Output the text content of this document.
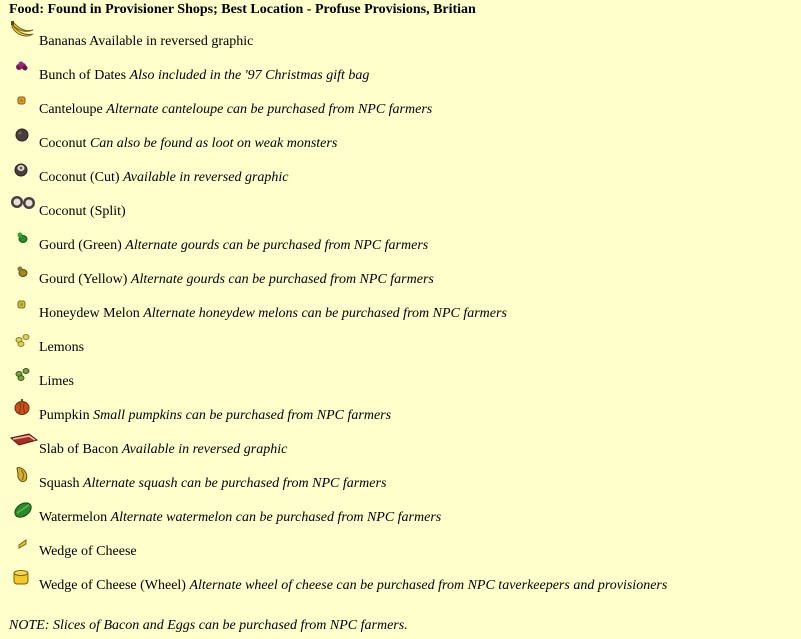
Food: Found in Provisioner Shops; Best Location - Profuse Provisions, Britian
Bananas Available in reversed graphic
Bunch of Dates Also included in the '97 Christmas gift bag
Canteloupe Alternate canteloupe can be purchased from NPC farmers
Coconut Can also be found as loot on weak monsters
Coconut (Cut) Available in reversed graphic
Coconut (Split)
Gourd (Green) Alternate gourds can be purchased from NPC farmers
Gourd (Yellow) Alternate gourds can be purchased from NPC farmers
Honeydew Melon Alternate honeydew melons can be purchased from NPC farmers
Lemons
Limes
Pumpkin Small pumpkins can be purchased from NPC farmers
Slab of Bacon Available in reversed graphic
Squash Alternate squash can be purchased from NPC farmers
Watermelon Alternate watermelon can be purchased from NPC farmers
Wedge of Cheese
Wedge of Cheese (Wheel) Alternate wheel of cheese can be purchased from NPC taverkeepers and provisioners
NOTE: Slices of Bacon and Eggs can be purchased from NPC farmers.
